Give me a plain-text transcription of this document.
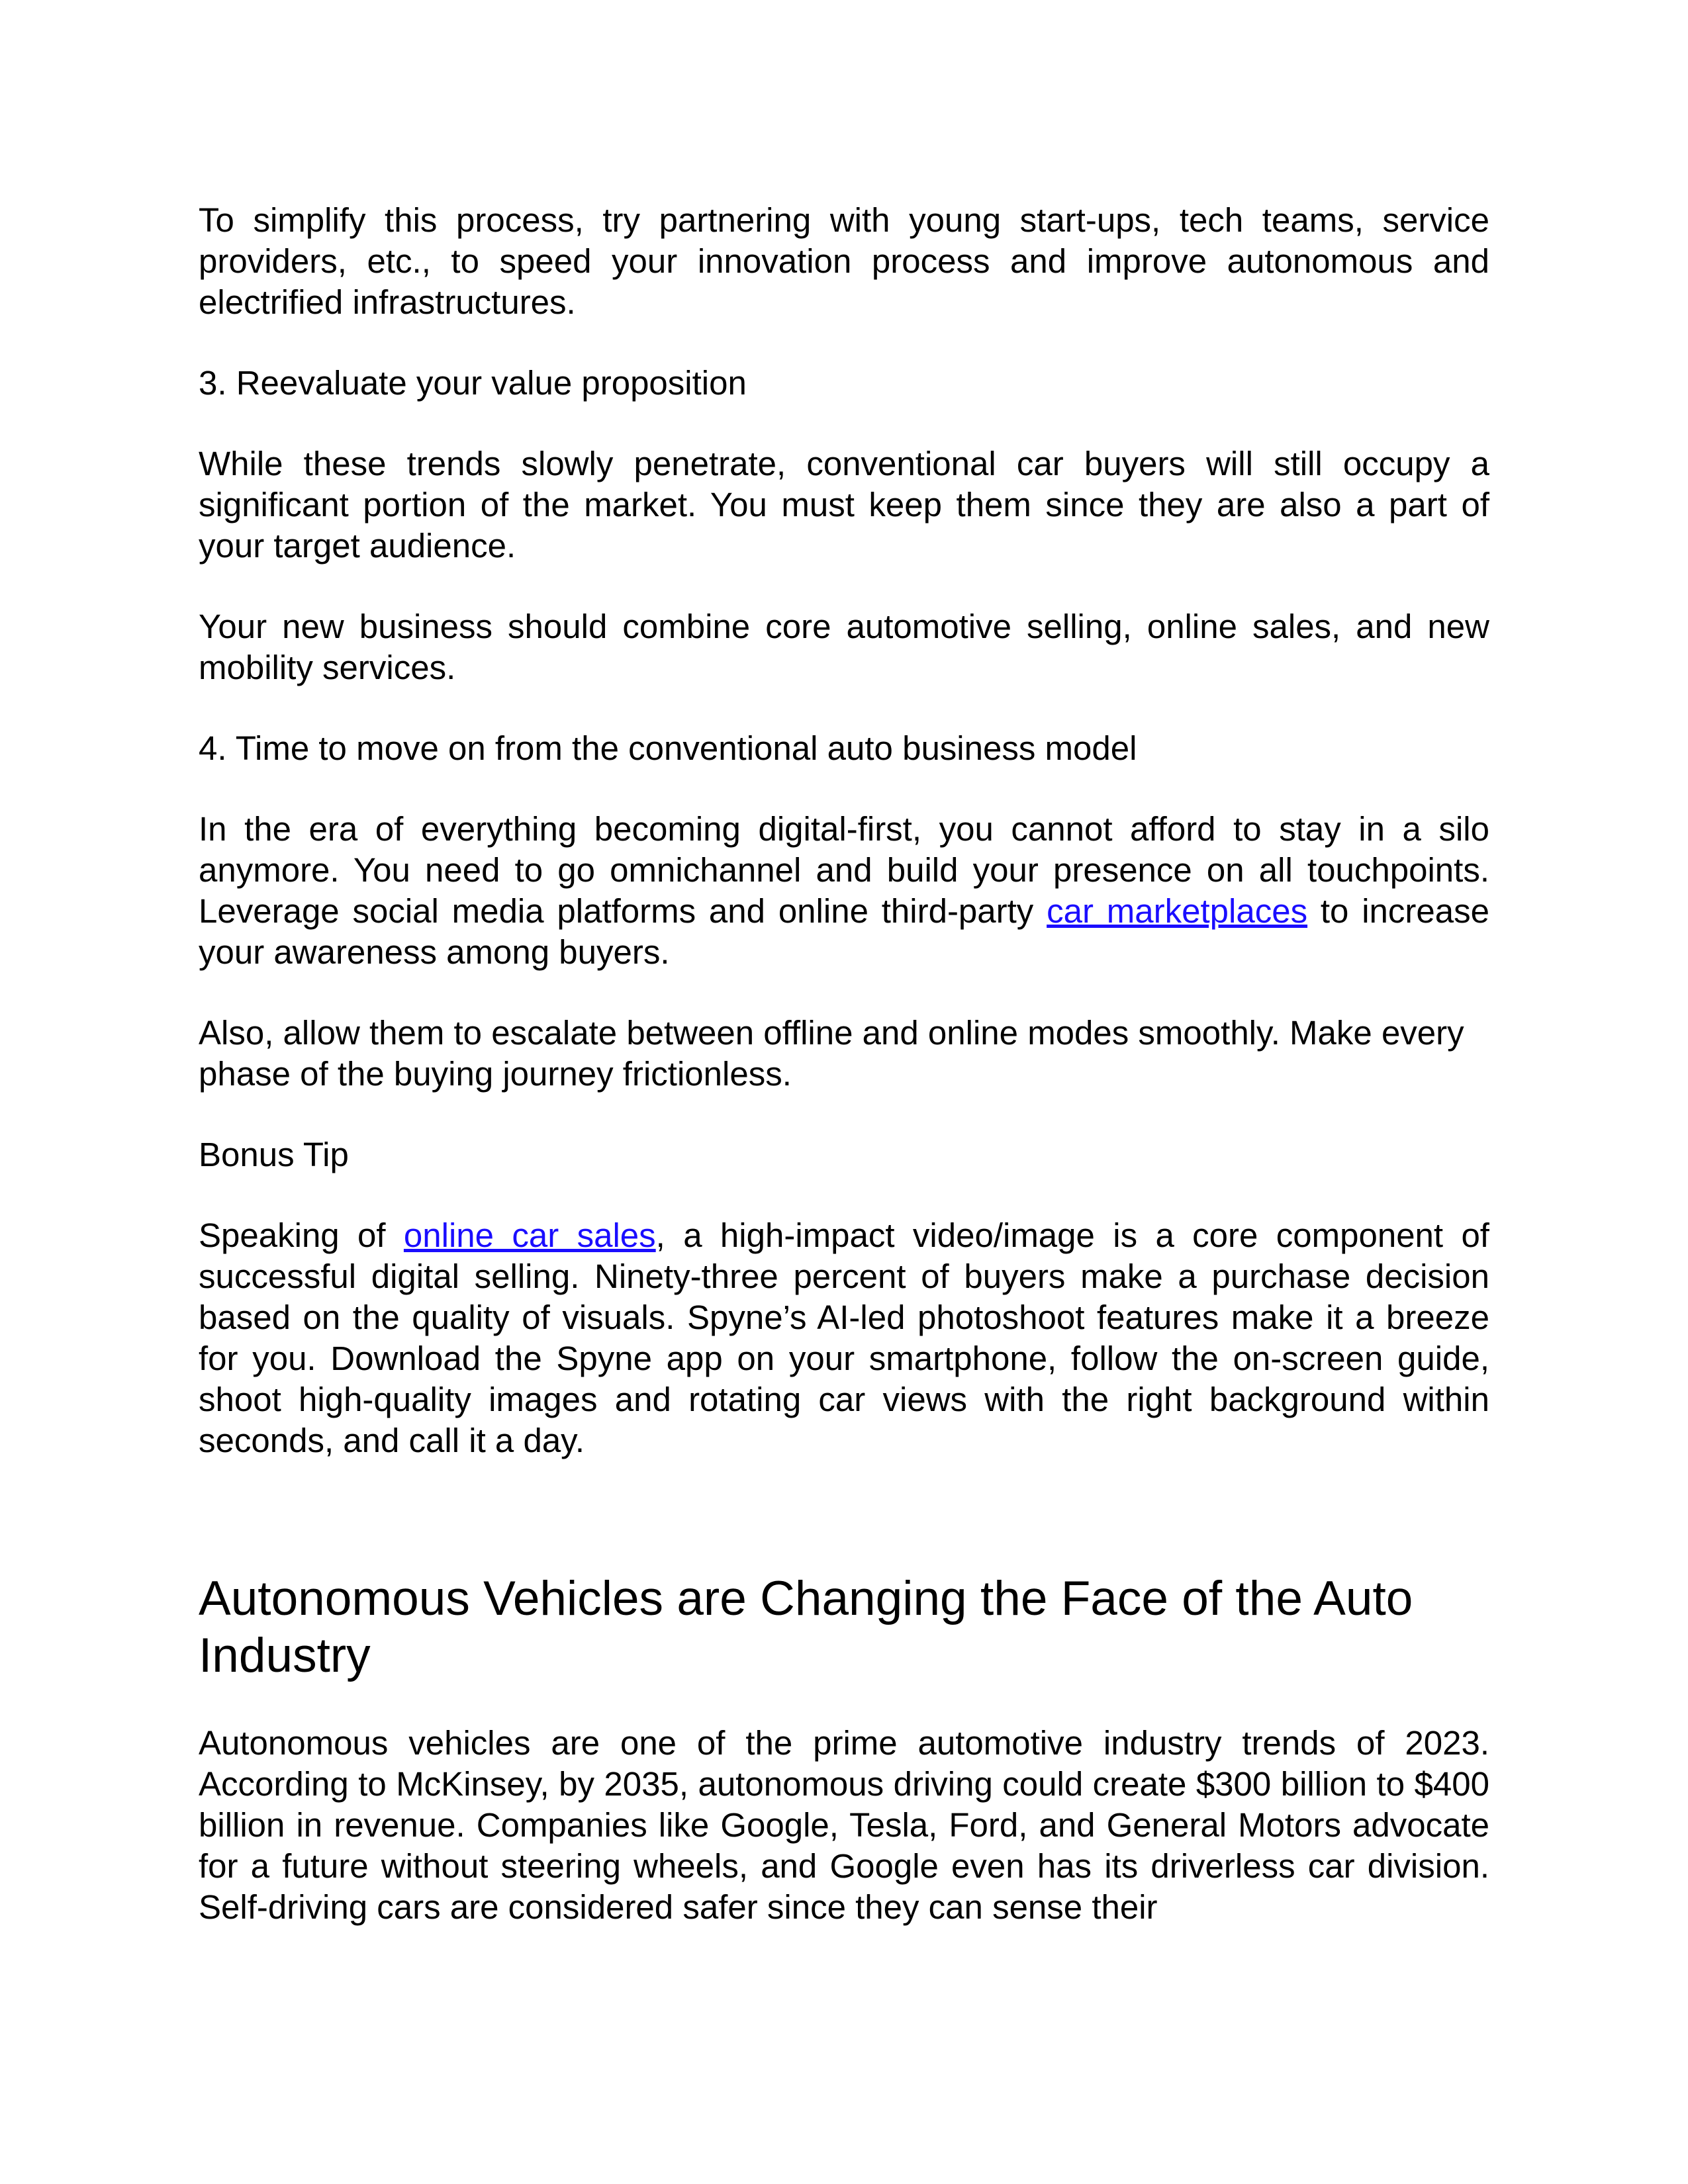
To simplify this process, try partnering with young start-ups, tech teams, service providers, etc., to speed your innovation process and improve autonomous and electrified infrastructures.

3. Reevaluate your value proposition

While these trends slowly penetrate, conventional car buyers will still occupy a significant portion of the market. You must keep them since they are also a part of your target audience.

Your new business should combine core automotive selling, online sales, and new mobility services.

4. Time to move on from the conventional auto business model

In the era of everything becoming digital-first, you cannot afford to stay in a silo anymore. You need to go omnichannel and build your presence on all touchpoints. Leverage social media platforms and online third-party car marketplaces to increase your awareness among buyers.

Also, allow them to escalate between offline and online modes smoothly. Make every phase of the buying journey frictionless.

Bonus Tip

Speaking of online car sales, a high-impact video/image is a core component of successful digital selling. Ninety-three percent of buyers make a purchase decision based on the quality of visuals. Spyne’s AI-led photoshoot features make it a breeze for you. Download the Spyne app on your smartphone, follow the on-screen guide, shoot high-quality images and rotating car views with the right background within seconds, and call it a day.

Autonomous Vehicles are Changing the Face of the Auto Industry

Autonomous vehicles are one of the prime automotive industry trends of 2023. According to McKinsey, by 2035, autonomous driving could create $300 billion to $400 billion in revenue. Companies like Google, Tesla, Ford, and General Motors advocate for a future without steering wheels, and Google even has its driverless car division. Self-driving cars are considered safer since they can sense their
